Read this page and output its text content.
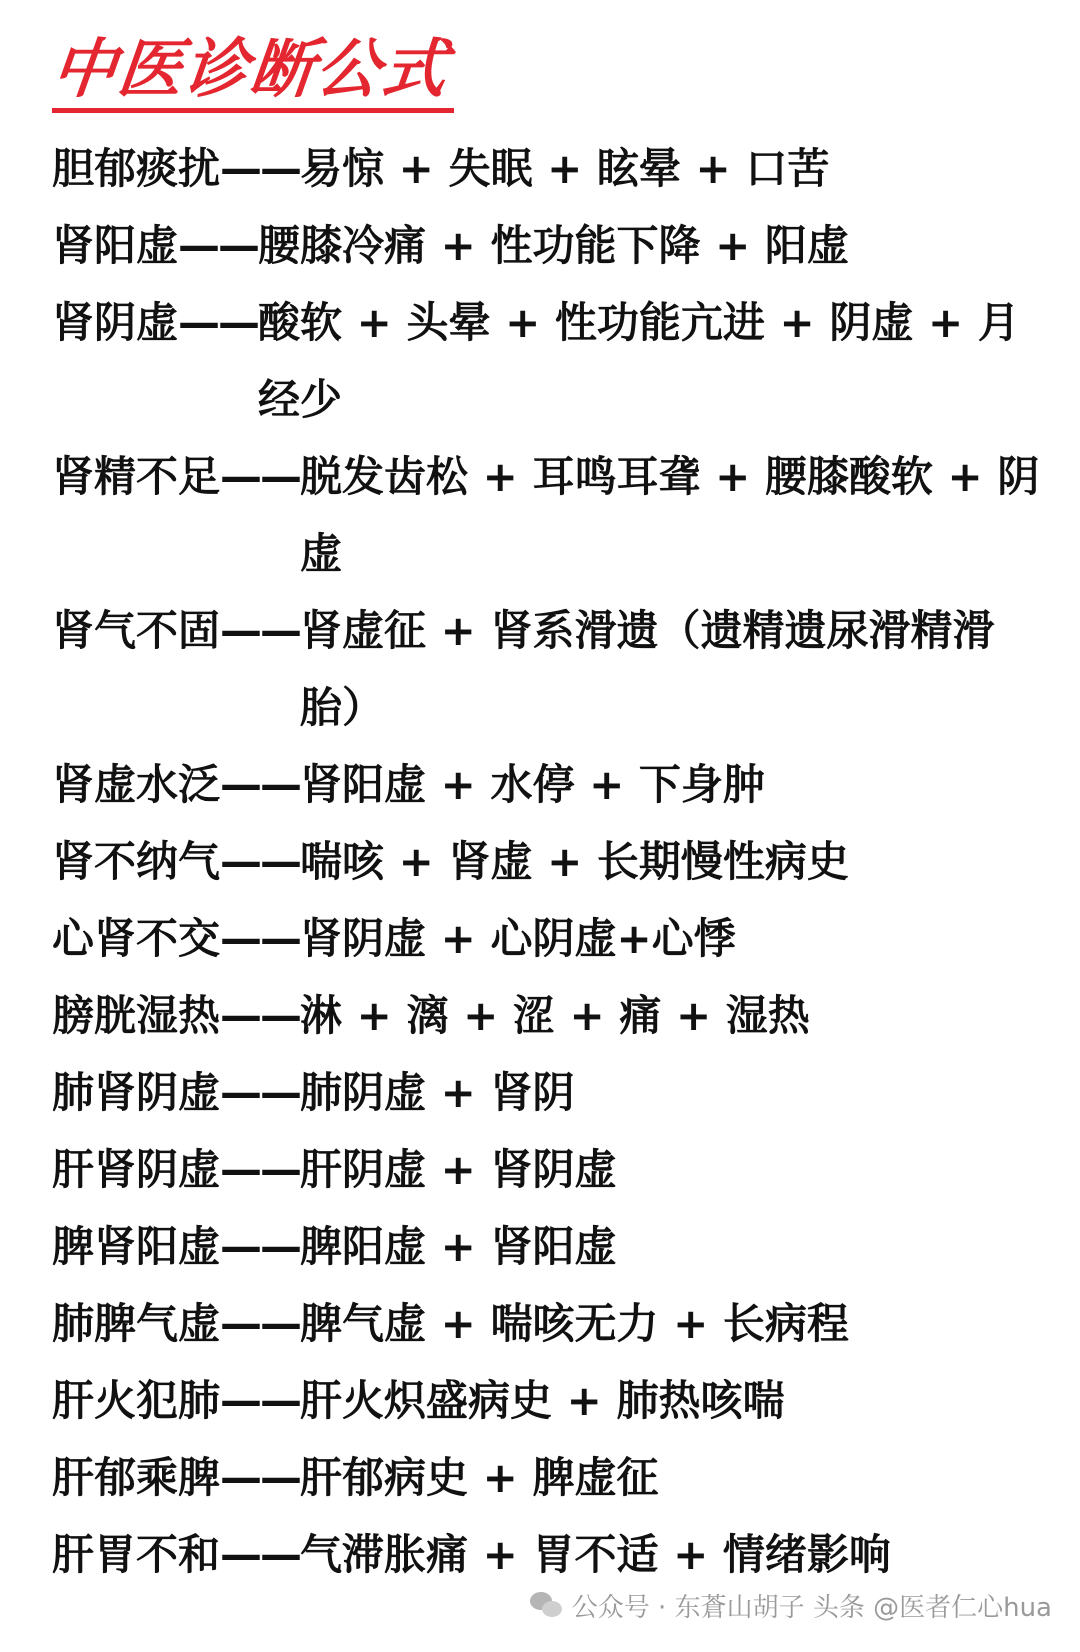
中医诊断公式
胆郁痰扰 —— 易惊 + 失眠 + 眩晕 + 口苦
肾阳虚 —— 腰膝冷痛 + 性功能下降 + 阳虚
肾阴虚 —— 酸软 + 头晕 + 性功能亢进 + 阴虚 + 月经少
肾精不足 —— 脱发齿松 + 耳鸣耳聋 + 腰膝酸软 + 阴虚
肾气不固 —— 肾虚征 + 肾系滑遗（遗精遗尿滑精滑胎）
肾虚水泛 —— 肾阳虚 + 水停 + 下身肿
肾不纳气 —— 喘咳 + 肾虚 + 长期慢性病史
心肾不交 —— 肾阴虚 + 心阴虚+心悸
膀胱湿热 —— 淋 + 漓 + 涩 + 痛 + 湿热
肺肾阴虚 —— 肺阴虚 + 肾阴
肝肾阴虚 —— 肝阴虚 + 肾阴虚
脾肾阳虚 —— 脾阳虚 + 肾阳虚
肺脾气虚 —— 脾气虚 + 喘咳无力 + 长病程
肝火犯肺 —— 肝火炽盛病史 + 肺热咳喘
肝郁乘脾 —— 肝郁病史 + 脾虚征
肝胃不和 —— 气滞胀痛 + 胃不适 + 情绪影响
公众号 · 东蒼山胡子 头条 @医者仁心hua
